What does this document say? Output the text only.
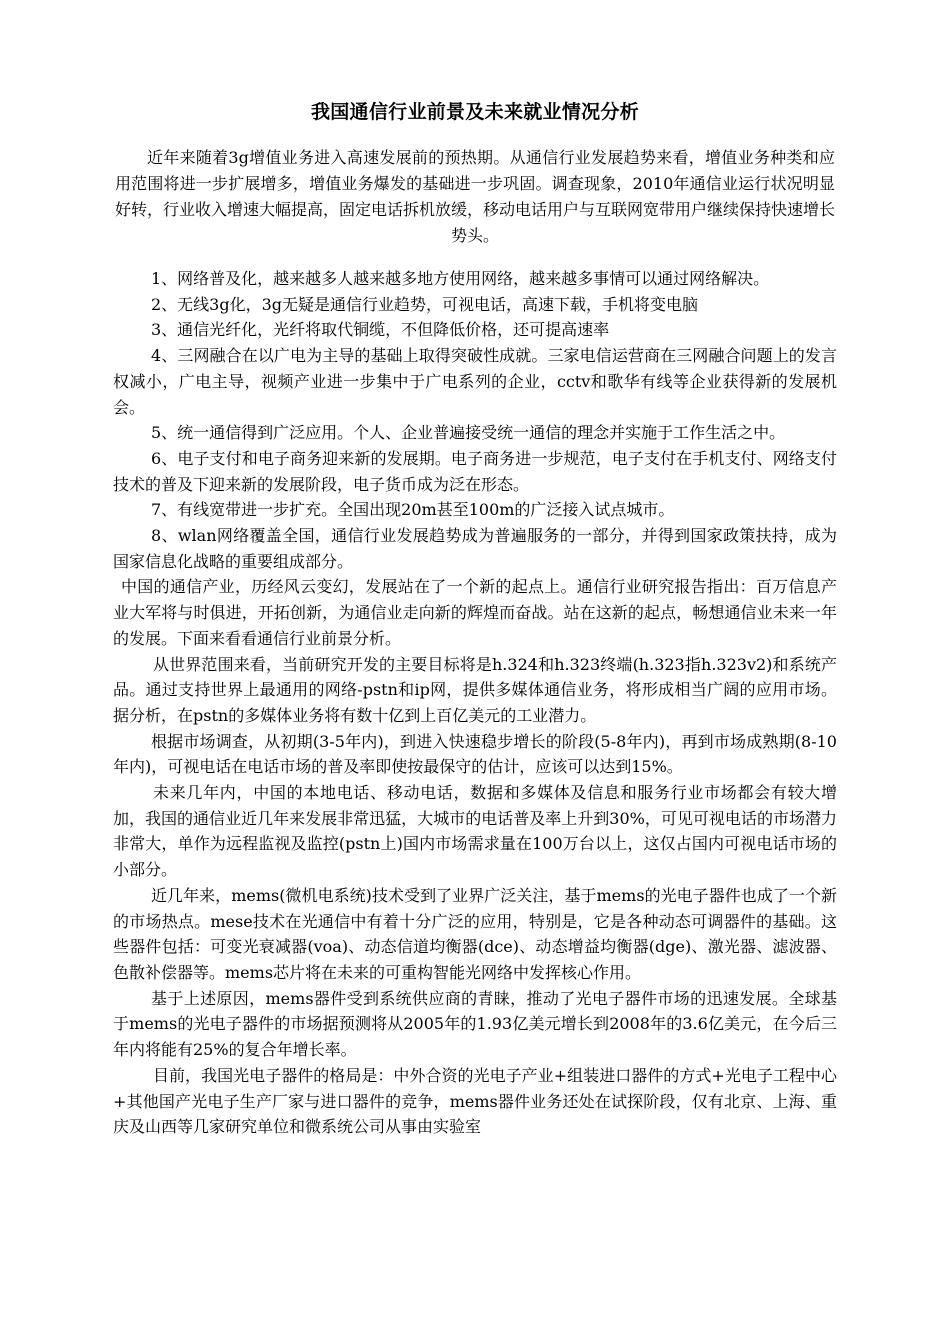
我国通信行业前景及未来就业情况分析
近年来随着3g增值业务进入高速发展前的预热期。从通信行业发展趋势来看，增值业务种类和应用范围将进一步扩展增多，增值业务爆发的基础进一步巩固。调查现象，2010年通信业运行状况明显好转，行业收入增速大幅提高，固定电话拆机放缓，移动电话用户与互联网宽带用户继续保持快速增长势头。

1、网络普及化，越来越多人越来越多地方使用网络，越来越多事情可以通过网络解决。

2、无线3g化，3g无疑是通信行业趋势，可视电话，高速下载，手机将变电脑

3、通信光纤化，光纤将取代铜缆，不但降低价格，还可提高速率

4、三网融合在以广电为主导的基础上取得突破性成就。三家电信运营商在三网融合问题上的发言权减小，广电主导，视频产业进一步集中于广电系列的企业，cctv和歌华有线等企业获得新的发展机会。

5、统一通信得到广泛应用。个人、企业普遍接受统一通信的理念并实施于工作生活之中。

6、电子支付和电子商务迎来新的发展期。电子商务进一步规范，电子支付在手机支付、网络支付技术的普及下迎来新的发展阶段，电子货币成为泛在形态。

7、有线宽带进一步扩充。全国出现20m甚至100m的广泛接入试点城市。

8、wlan网络覆盖全国，通信行业发展趋势成为普遍服务的一部分，并得到国家政策扶持，成为国家信息化战略的重要组成部分。

中国的通信产业，历经风云变幻，发展站在了一个新的起点上。通信行业研究报告指出：百万信息产业大军将与时俱进，开拓创新，为通信业走向新的辉煌而奋战。站在这新的起点，畅想通信业未来一年的发展。下面来看看通信行业前景分析。

从世界范围来看，当前研究开发的主要目标将是h.324和h.323终端(h.323指h.323v2)和系统产品。通过支持世界上最通用的网络-pstn和ip网，提供多媒体通信业务，将形成相当广阔的应用市场。据分析，在pstn的多媒体业务将有数十亿到上百亿美元的工业潜力。

根据市场调查，从初期(3-5年内)，到进入快速稳步增长的阶段(5-8年内)，再到市场成熟期(8-10年内)，可视电话在电话市场的普及率即使按最保守的估计，应该可以达到15%。

未来几年内，中国的本地电话、移动电话，数据和多媒体及信息和服务行业市场都会有较大增加，我国的通信业近几年来发展非常迅猛，大城市的电话普及率上升到30%，可见可视电话的市场潜力非常大，单作为远程监视及监控(pstn上)国内市场需求量在100万台以上，这仅占国内可视电话市场的小部分。

近几年来，mems(微机电系统)技术受到了业界广泛关注，基于mems的光电子器件也成了一个新的市场热点。mese技术在光通信中有着十分广泛的应用，特别是，它是各种动态可调器件的基础。这些器件包括：可变光衰减器(voa)、动态信道均衡器(dce)、动态增益均衡器(dge)、激光器、滤波器、色散补偿器等。mems芯片将在未来的可重构智能光网络中发挥核心作用。

基于上述原因，mems器件受到系统供应商的青睐，推动了光电子器件市场的迅速发展。全球基于mems的光电子器件的市场据预测将从2005年的1.93亿美元增长到2008年的3.6亿美元，在今后三年内将能有25%的复合年增长率。

目前，我国光电子器件的格局是：中外合资的光电子产业+组装进口器件的方式+光电子工程中心+其他国产光电子生产厂家与进口器件的竞争，mems器件业务还处在试探阶段，仅有北京、上海、重庆及山西等几家研究单位和微系统公司从事由实验室
